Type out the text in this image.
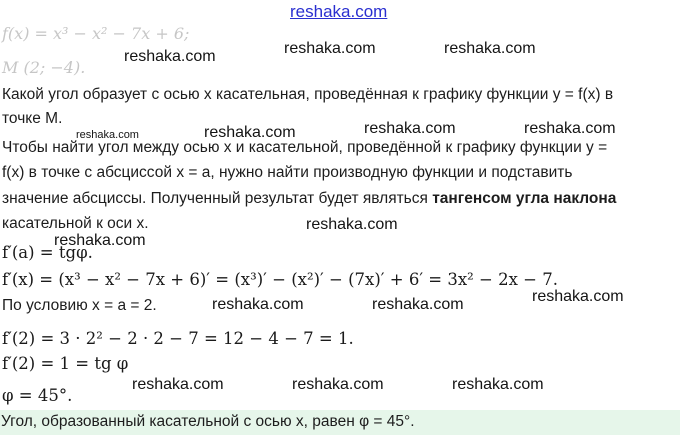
reshaka.com
f(x) = x³ − x² − 7x + 6;
M (2; −4).
reshaka.com	reshaka.com	reshaka.com
Какой угол образует с осью x касательная, проведённая к графику функции y = f(x) в
точке M.
reshaka.com	reshaka.com	reshaka.com	reshaka.com
Чтобы найти угол между осью x и касательной, проведённой к графику функции y =
f(x) в точке с абсциссой x = a, нужно найти производную функции и подставить
значение абсциссы. Полученный результат будет являться тангенсом угла наклона
касательной к оси x.	reshaka.com
reshaka.com
f′(a) = tgφ.
f′(x) = (x³ − x² − 7x + 6)′ = (x³)′ − (x²)′ − (7x)′ + 6′ = 3x² − 2x − 7.
По условию x = a = 2.	reshaka.com	reshaka.com	reshaka.com
f′(2) = 3 · 2² − 2 · 2 − 7 = 12 − 4 − 7 = 1.
f′(2) = 1 = tg φ
reshaka.com	reshaka.com	reshaka.com
φ = 45°.
Угол, образованный касательной с осью x, равен φ = 45°.
